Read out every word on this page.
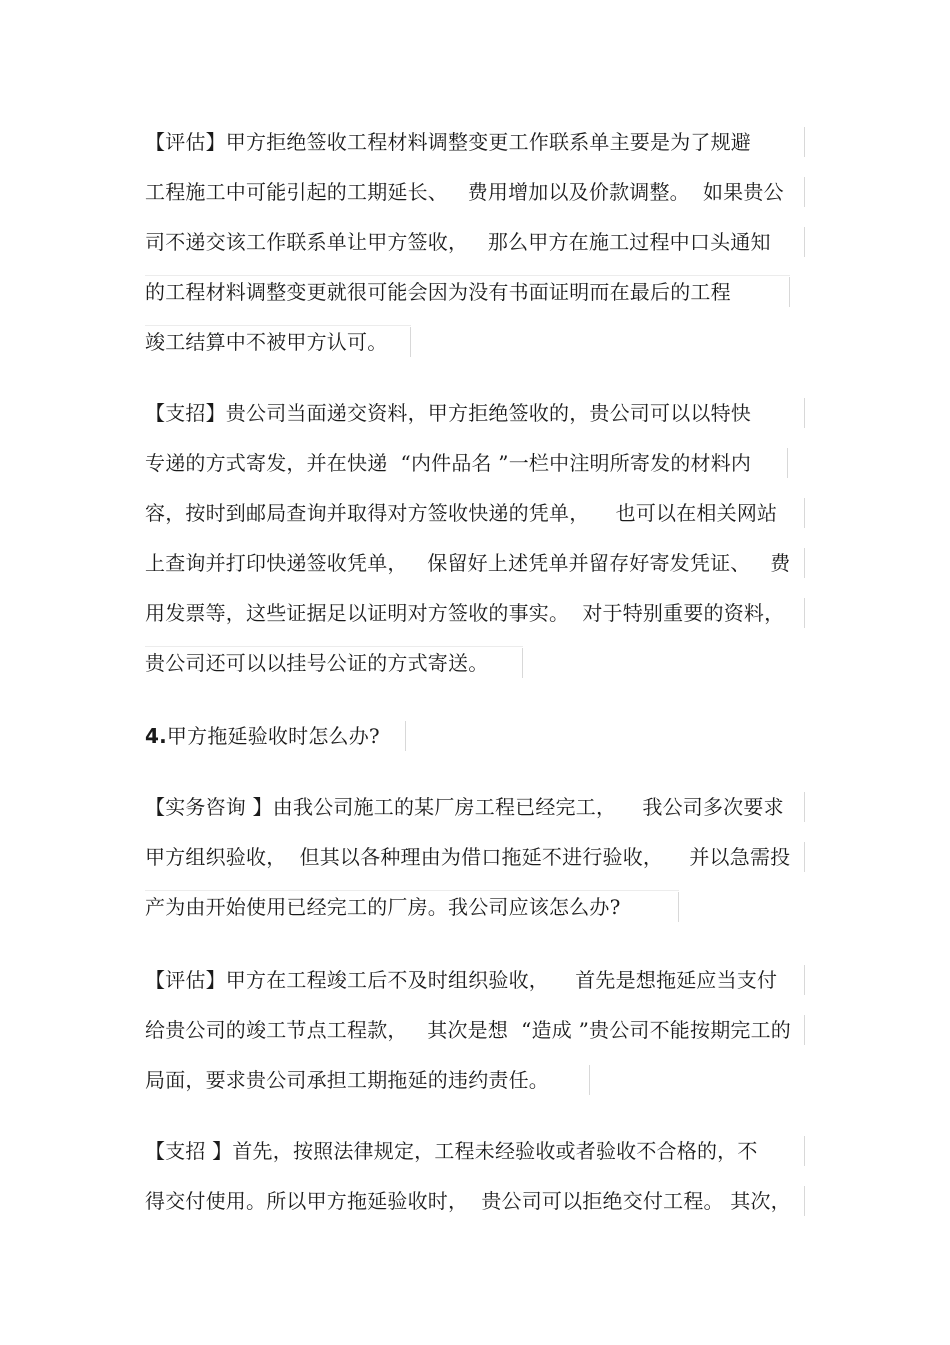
【评估】甲方拒绝签收工程材料调整变更工作联系单主要是为了规避
工程施工中可能引起的工期延长、   费用增加以及价款调整。  如果贵公
司不递交该工作联系单让甲方签收，   那么甲方在施工过程中口头通知
的工程材料调整变更就很可能会因为没有书面证明而在最后的工程
竣工结算中不被甲方认可。
【支招】贵公司当面递交资料，甲方拒绝签收的，贵公司可以以特快
专递的方式寄发，并在快递  “内件品名 ”一栏中注明所寄发的材料内
容，按时到邮局查询并取得对方签收快递的凭单，    也可以在相关网站
上查询并打印快递签收凭单，   保留好上述凭单并留存好寄发凭证、   费
用发票等，这些证据足以证明对方签收的事实。  对于特别重要的资料，
贵公司还可以以挂号公证的方式寄送。
4.甲方拖延验收时怎么办?
【实务咨询 】由我公司施工的某厂房工程已经完工，    我公司多次要求
甲方组织验收，  但其以各种理由为借口拖延不进行验收，    并以急需投
产为由开始使用已经完工的厂房。我公司应该怎么办?
【评估】甲方在工程竣工后不及时组织验收，    首先是想拖延应当支付
给贵公司的竣工节点工程款，   其次是想  “造成 ”贵公司不能按期完工的
局面，要求贵公司承担工期拖延的违约责任。
【支招 】首先，按照法律规定，工程未经验收或者验收不合格的，不
得交付使用。所以甲方拖延验收时，  贵公司可以拒绝交付工程。 其次，
